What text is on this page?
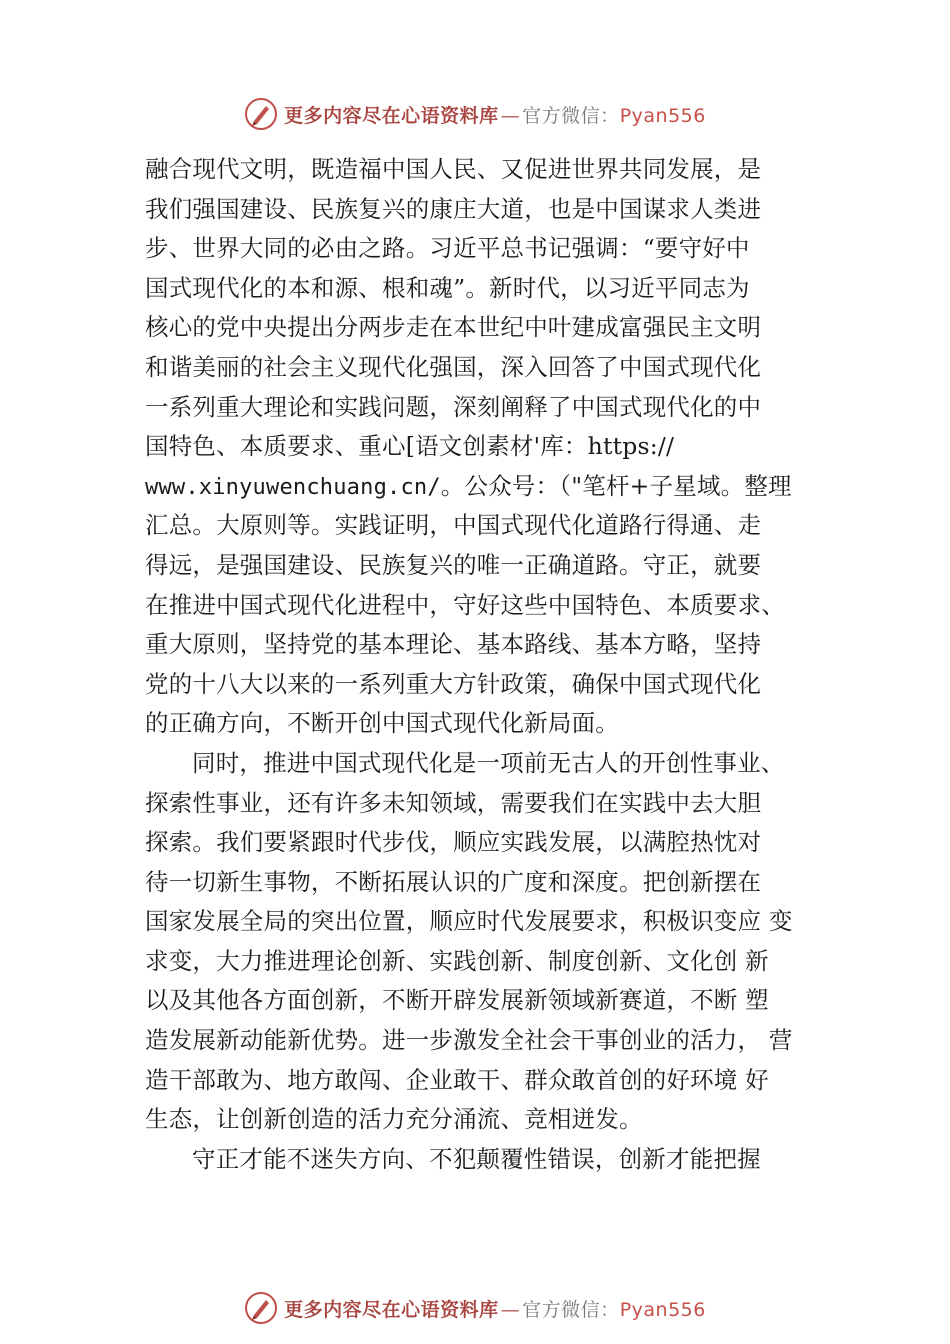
更多内容尽在心语资料库 — 官方微信：Pyan556
融合现代文明，既造福中国人民、又促进世界共同发展，是
我们强国建设、民族复兴的康庄大道，也是中国谋求人类进
步、世界大同的必由之路。习近平总书记强调：“要守好中
国式现代化的本和源、根和魂”。新时代，以习近平同志为
核心的党中央提出分两步走在本世纪中叶建成富强民主文明
和谐美丽的社会主义现代化强国，深入回答了中国式现代化
一系列重大理论和实践问题，深刻阐释了中国式现代化的中
国特色、本质要求、重心[语文创素材'库：https://
www.xinyuwenchuang.cn/。公众号：（"笔杆+子星域。整理
汇总。大原则等。实践证明，中国式现代化道路行得通、走
得远，是强国建设、民族复兴的唯一正确道路。守正，就要
在推进中国式现代化进程中，守好这些中国特色、本质要求、
重大原则，坚持党的基本理论、基本路线、基本方略，坚持
党的十八大以来的一系列重大方针政策，确保中国式现代化
的正确方向，不断开创中国式现代化新局面。
同时，推进中国式现代化是一项前无古人的开创性事业、
探索性事业，还有许多未知领域，需要我们在实践中去大胆
探索。我们要紧跟时代步伐，顺应实践发展，以满腔热忱对
待一切新生事物，不断拓展认识的广度和深度。把创新摆在
国家发展全局的突出位置，顺应时代发展要求，积极识变应 变
求变，大力推进理论创新、实践创新、制度创新、文化创 新
以及其他各方面创新，不断开辟发展新领域新赛道，不断 塑
造发展新动能新优势。进一步激发全社会干事创业的活力， 营
造干部敢为、地方敢闯、企业敢干、群众敢首创的好环境 好
生态，让创新创造的活力充分涌流、竞相迸发。
守正才能不迷失方向、不犯颠覆性错误，创新才能把握
更多内容尽在心语资料库 — 官方微信：Pyan556
